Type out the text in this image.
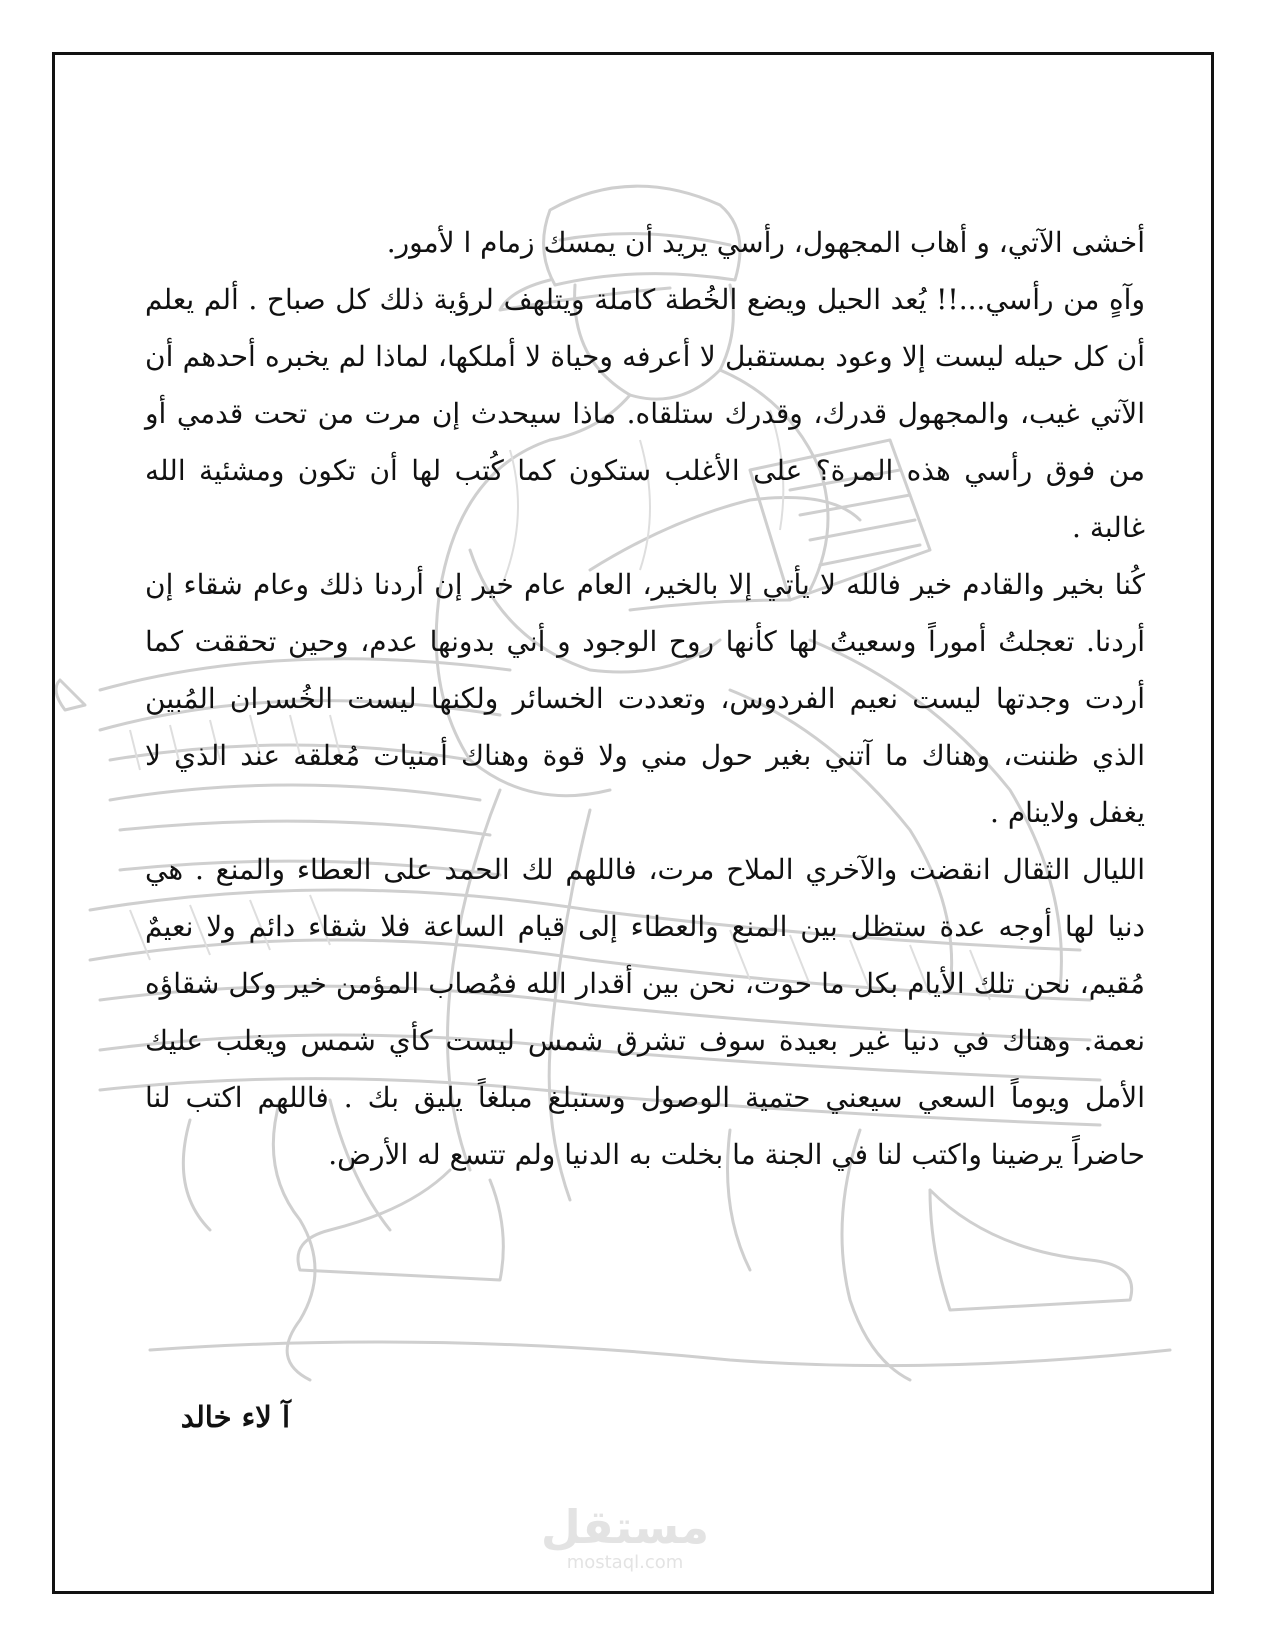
أخشى الآتي، و أهاب المجهول، رأسي يريد أن يمسك زمام ا لأمور.

وآهٍ من رأسي...!! يُعد الحيل ويضع الخُطة كاملة ويتلهف لرؤية ذلك كل صباح . ألم يعلم أن كل حيله ليست إلا وعود بمستقبل لا أعرفه وحياة لا أملكها، لماذا لم يخبره أحدهم أن الآتي غيب، والمجهول قدرك، وقدرك ستلقاه. ماذا سيحدث إن مرت من تحت قدمي أو من فوق رأسي هذه المرة؟ على الأغلب ستكون كما كُتب لها أن تكون ومشئية الله غالبة .

كُنا بخير والقادم خير فالله لا يأتي إلا بالخير، العام عام خير إن أردنا ذلك وعام شقاء إن أردنا. تعجلتُ أموراً وسعيتُ لها كأنها روح الوجود و أني بدونها عدم، وحين تحققت كما أردت وجدتها ليست نعيم الفردوس، وتعددت الخسائر ولكنها ليست الخُسران المُبين الذي ظننت، وهناك ما آتني بغير حول مني ولا قوة وهناك أمنيات مُعلقه عند الذي لا يغفل ولاينام .

الليال الثقال انقضت والآخري الملاح مرت، فاللهم لك الحمد على العطاء والمنع . هي دنيا لها أوجه عدة ستظل بين المنع والعطاء إلى قيام الساعة فلا شقاء دائم ولا نعيمٌ مُقيم، نحن تلك الأيام بكل ما حوت، نحن بين أقدار الله فمُصاب المؤمن خير وكل شقاؤه نعمة. وهناك في دنيا غير بعيدة سوف تشرق شمس ليست كأي شمس ويغلب عليك الأمل ويوماً السعي سيعني حتمية الوصول وستبلغ مبلغاً يليق بك . فاللهم اكتب لنا حاضراً يرضينا واكتب لنا في الجنة ما بخلت به الدنيا ولم تتسع له الأرض.

آ لاء خالد
مستقل
mostaql.com
